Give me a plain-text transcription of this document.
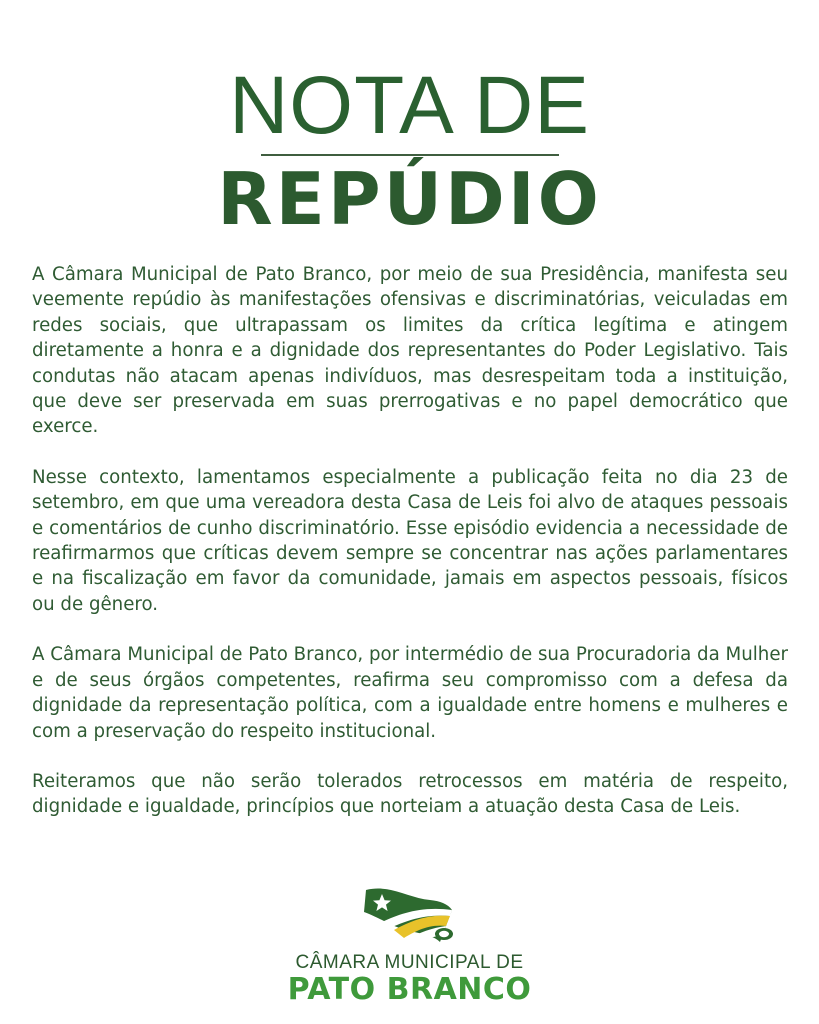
NOTA DE
REPÚDIO

A Câmara Municipal de Pato Branco, por meio de sua Presidência, manifesta seu veemente repúdio às manifestações ofensivas e discriminatórias, veiculadas em redes sociais, que ultrapassam os limites da crítica legítima e atingem diretamente a honra e a dignidade dos representantes do Poder Legislativo. Tais condutas não atacam apenas indivíduos, mas desrespeitam toda a instituição, que deve ser preservada em suas prerrogativas e no papel democrático que exerce.

Nesse contexto, lamentamos especialmente a publicação feita no dia 23 de setembro, em que uma vereadora desta Casa de Leis foi alvo de ataques pessoais e comentários de cunho discriminatório. Esse episódio evidencia a necessidade de reafirmarmos que críticas devem sempre se concentrar nas ações parlamentares e na fiscalização em favor da comunidade, jamais em aspectos pessoais, físicos ou de gênero.

A Câmara Municipal de Pato Branco, por intermédio de sua Procuradoria da Mulher e de seus órgãos competentes, reafirma seu compromisso com a defesa da dignidade da representação política, com a igualdade entre homens e mulheres e com a preservação do respeito institucional.

Reiteramos que não serão tolerados retrocessos em matéria de respeito, dignidade e igualdade, princípios que norteiam a atuação desta Casa de Leis.

CÂMARA MUNICIPAL DE
PATO BRANCO
